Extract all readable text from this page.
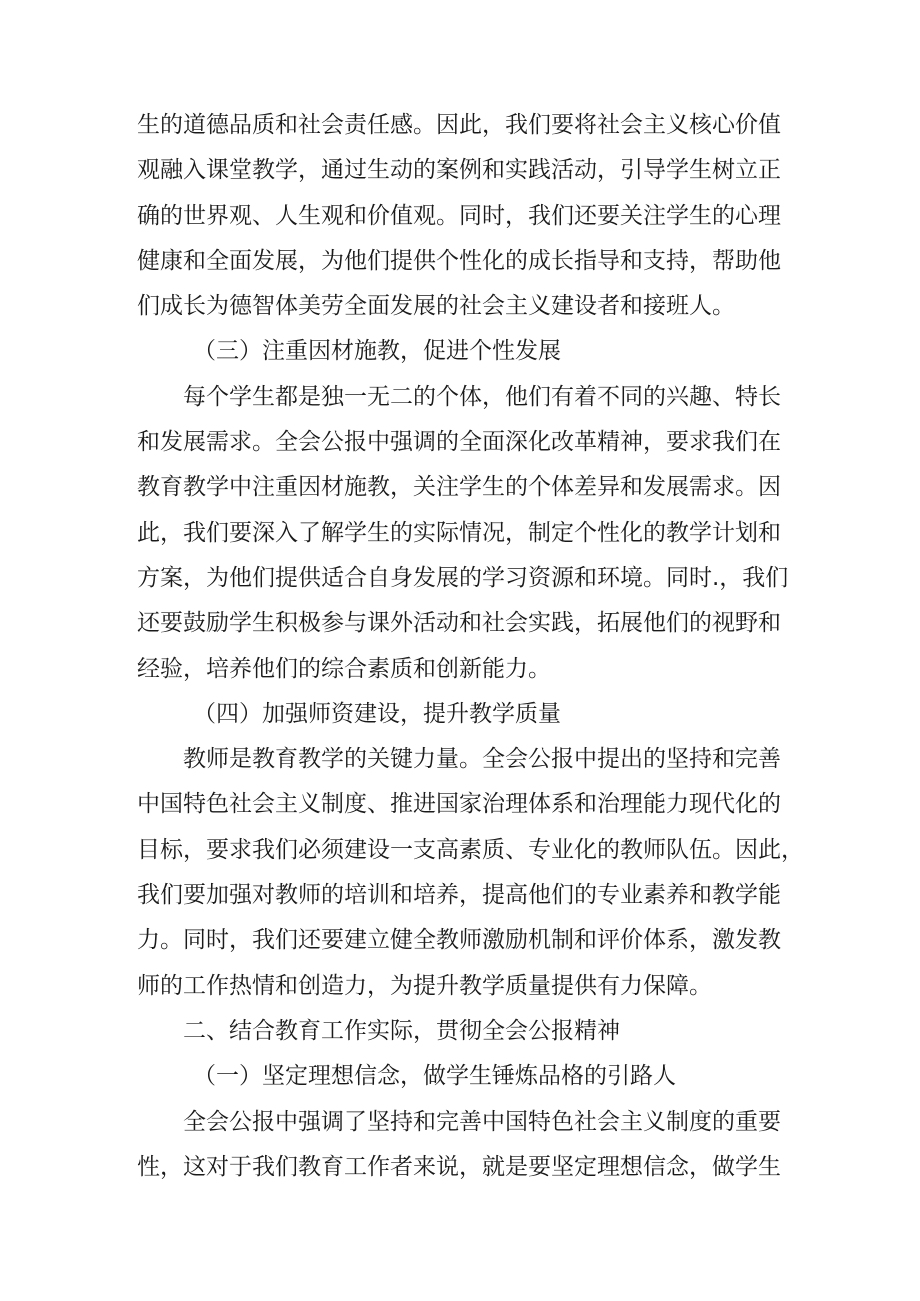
生的道德品质和社会责任感。因此，我们要将社会主义核心价值
观融入课堂教学，通过生动的案例和实践活动，引导学生树立正
确的世界观、人生观和价值观。同时，我们还要关注学生的心理
健康和全面发展，为他们提供个性化的成长指导和支持，帮助他
们成长为德智体美劳全面发展的社会主义建设者和接班人。
（三）注重因材施教，促进个性发展
每个学生都是独一无二的个体，他们有着不同的兴趣、特长
和发展需求。全会公报中强调的全面深化改革精神，要求我们在
教育教学中注重因材施教，关注学生的个体差异和发展需求。因
此，我们要深入了解学生的实际情况，制定个性化的教学计划和
方案，为他们提供适合自身发展的学习资源和环境。同时.，我们
还要鼓励学生积极参与课外活动和社会实践，拓展他们的视野和
经验，培养他们的综合素质和创新能力。
（四）加强师资建设，提升教学质量
教师是教育教学的关键力量。全会公报中提出的坚持和完善
中国特色社会主义制度、推进国家治理体系和治理能力现代化的
目标，要求我们必须建设一支高素质、专业化的教师队伍。因此，
我们要加强对教师的培训和培养，提高他们的专业素养和教学能
力。同时，我们还要建立健全教师激励机制和评价体系，激发教
师的工作热情和创造力，为提升教学质量提供有力保障。
二、结合教育工作实际，贯彻全会公报精神
（一）坚定理想信念，做学生锤炼品格的引路人
全会公报中强调了坚持和完善中国特色社会主义制度的重要
性，这对于我们教育工作者来说，就是要坚定理想信念，做学生
